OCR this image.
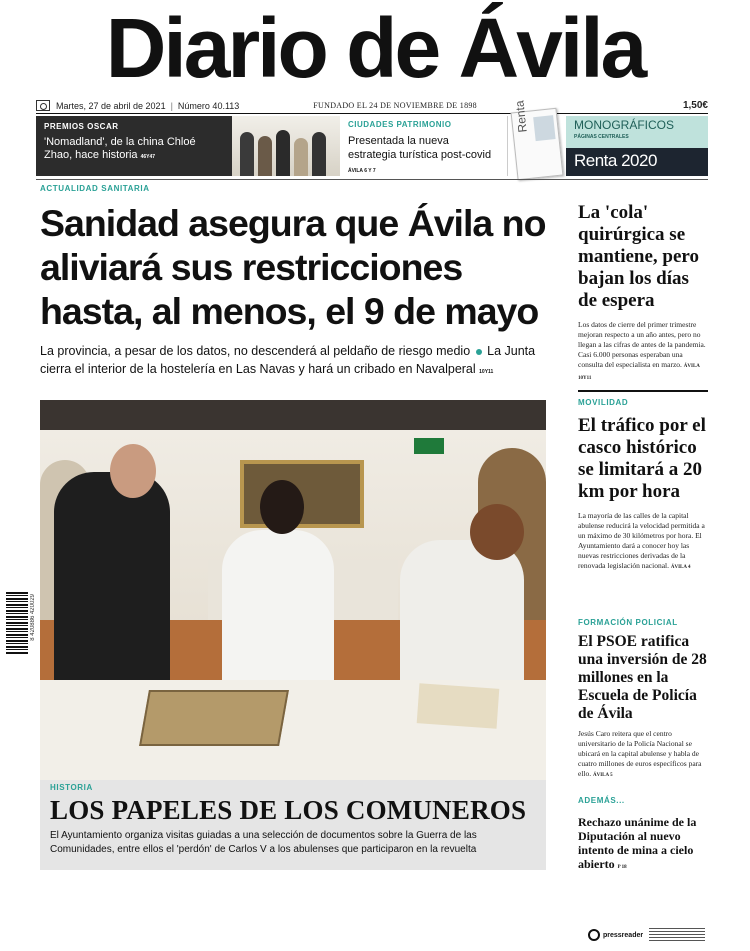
Diario de Ávila
Martes, 27 de abril de 2021 | Número 40.113	FUNDADO EL 24 DE NOVIEMBRE DE 1898	1,50€
PREMIOS OSCAR
'Nomadland', de la china Chloé Zhao, hace historia 46Y47
CIUDADES PATRIMONIO
Presentada la nueva estrategia turística post-covid ÁVILA 6 Y 7
Renta	MONOGRÁFICOS
PÁGINAS CENTRALES
Renta 2020
ACTUALIDAD SANITARIA
Sanidad asegura que Ávila no aliviará sus restricciones hasta, al menos, el 9 de mayo

La provincia, a pesar de los datos, no descenderá al peldaño de riesgo medio La Junta cierra el interior de la hostelería en Las Navas y hará un cribado en Navalperal 10Y11

HISTORIA
LOS PAPELES DE LOS COMUNEROS

El Ayuntamiento organiza visitas guiadas a una selección de documentos sobre la Guerra de las Comunidades, entre ellos el 'perdón' de Carlos V a los abulenses que participaron en la revuelta

La 'cola' quirúrgica se mantiene, pero bajan los días de espera

Los datos de cierre del primer trimestre mejoran respecto a un año antes, pero no llegan a las cifras de antes de la pandemia. Casi 6.000 personas esperaban una consulta del especialista en marzo. ÁVILA 10Y11

MOVILIDAD
El tráfico por el casco histórico se limitará a 20 km por hora

La mayoría de las calles de la capital abulense reducirá la velocidad permitida a un máximo de 30 kilómetros por hora. El Ayuntamiento dará a conocer hoy las nuevas restricciones derivadas de la renovada legislación nacional. ÁVILA 4

FORMACIÓN POLICIAL
El PSOE ratifica una inversión de 28 millones en la Escuela de Policía de Ávila

Jesús Caro reitera que el centro universitario de la Policía Nacional se ubicará en la capital abulense y habla de cuatro millones de euros específicos para ello. ÁVILA 5

ADEMÁS...
Rechazo unánime de la Diputación al nuevo intento de mina a cielo abierto P 18
8 420886 420029
pressreader
